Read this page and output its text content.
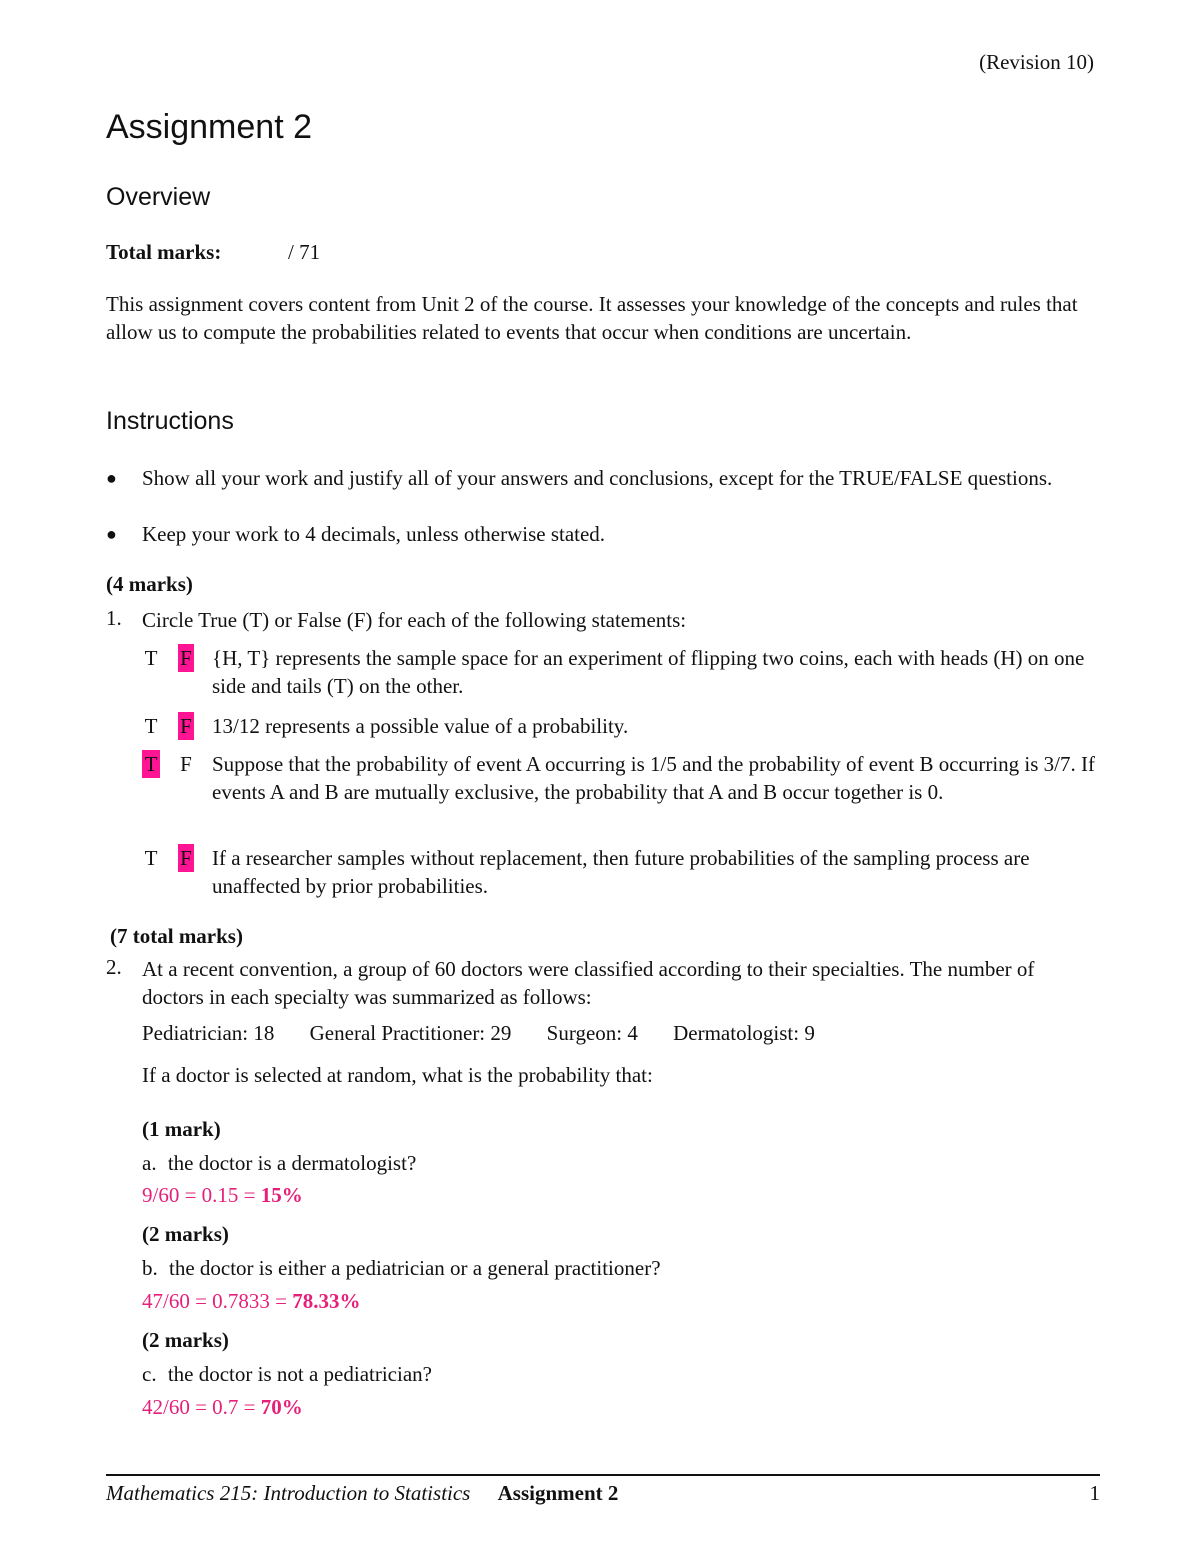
(Revision 10)
Assignment 2
Overview
Total marks:	/ 71

This assignment covers content from Unit 2 of the course. It assesses your knowledge of the concepts and rules that allow us to compute the probabilities related to events that occur when conditions are uncertain.

Instructions
●	Show all your work and justify all of your answers and conclusions, except for the TRUE/FALSE questions.
●	Keep your work to 4 decimals, unless otherwise stated.
(4 marks)
1. Circle True (T) or False (F) for each of the following statements:
T F {H, T} represents the sample space for an experiment of flipping two coins, each with heads (H) on one side and tails (T) on the other.
T F 13/12 represents a possible value of a probability.
T F Suppose that the probability of event A occurring is 1/5 and the probability of event B occurring is 3/7. If events A and B are mutually exclusive, the probability that A and B occur together is 0.
T F If a researcher samples without replacement, then future probabilities of the sampling process are unaffected by prior probabilities.
(7 total marks)
2. At a recent convention, a group of 60 doctors were classified according to their specialties. The number of doctors in each specialty was summarized as follows:
Pediatrician: 18 General Practitioner: 29 Surgeon: 4 Dermatologist: 9
If a doctor is selected at random, what is the probability that:
(1 mark)
a. the doctor is a dermatologist?
9/60 = 0.15 = 15%
(2 marks)
b. the doctor is either a pediatrician or a general practitioner?
47/60 = 0.7833 = 78.33%
(2 marks)
c. the doctor is not a pediatrician?
42/60 = 0.7 = 70%
Mathematics 215: Introduction to Statistics Assignment 2	1
